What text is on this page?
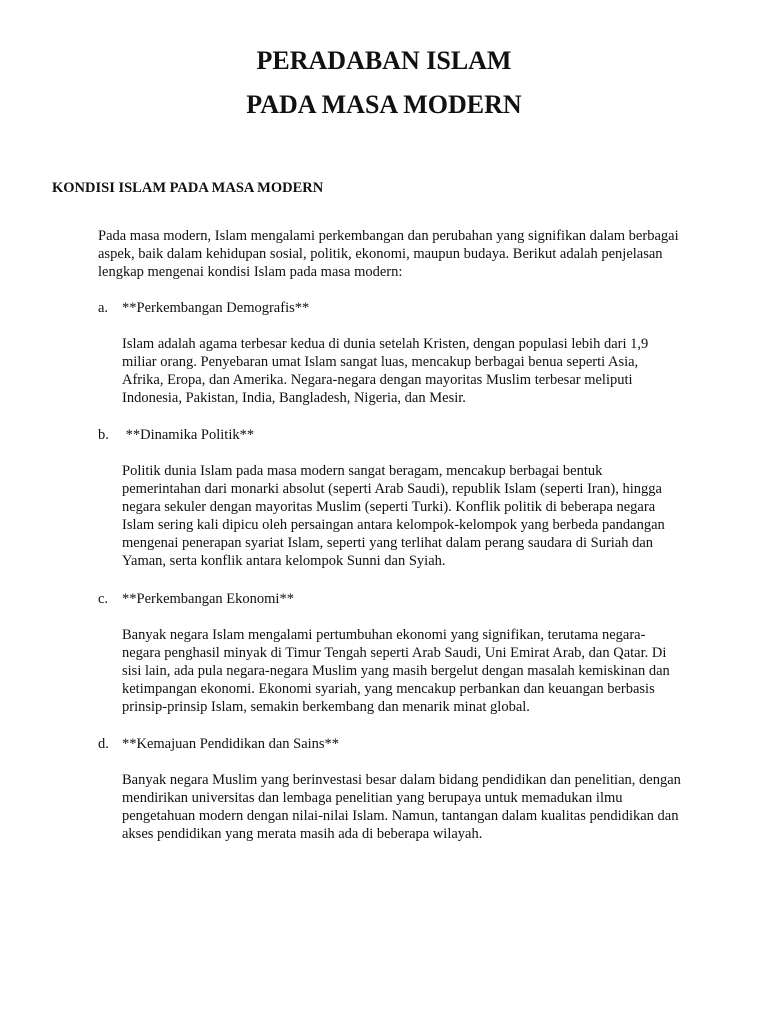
PERADABAN ISLAM
PADA MASA MODERN
KONDISI ISLAM PADA MASA MODERN

Pada masa modern, Islam mengalami perkembangan dan perubahan yang signifikan dalam berbagai
aspek, baik dalam kehidupan sosial, politik, ekonomi, maupun budaya. Berikut adalah penjelasan
lengkap mengenai kondisi Islam pada masa modern:

a. **Perkembangan Demografis**

Islam adalah agama terbesar kedua di dunia setelah Kristen, dengan populasi lebih dari 1,9
miliar orang. Penyebaran umat Islam sangat luas, mencakup berbagai benua seperti Asia,
Afrika, Eropa, dan Amerika. Negara-negara dengan mayoritas Muslim terbesar meliputi
Indonesia, Pakistan, India, Bangladesh, Nigeria, dan Mesir.

b. **Dinamika Politik**

Politik dunia Islam pada masa modern sangat beragam, mencakup berbagai bentuk
pemerintahan dari monarki absolut (seperti Arab Saudi), republik Islam (seperti Iran), hingga
negara sekuler dengan mayoritas Muslim (seperti Turki). Konflik politik di beberapa negara
Islam sering kali dipicu oleh persaingan antara kelompok-kelompok yang berbeda pandangan
mengenai penerapan syariat Islam, seperti yang terlihat dalam perang saudara di Suriah dan
Yaman, serta konflik antara kelompok Sunni dan Syiah.

c. **Perkembangan Ekonomi**

Banyak negara Islam mengalami pertumbuhan ekonomi yang signifikan, terutama negara-
negara penghasil minyak di Timur Tengah seperti Arab Saudi, Uni Emirat Arab, dan Qatar. Di
sisi lain, ada pula negara-negara Muslim yang masih bergelut dengan masalah kemiskinan dan
ketimpangan ekonomi. Ekonomi syariah, yang mencakup perbankan dan keuangan berbasis
prinsip-prinsip Islam, semakin berkembang dan menarik minat global.

d. **Kemajuan Pendidikan dan Sains**

Banyak negara Muslim yang berinvestasi besar dalam bidang pendidikan dan penelitian, dengan
mendirikan universitas dan lembaga penelitian yang berupaya untuk memadukan ilmu
pengetahuan modern dengan nilai-nilai Islam. Namun, tantangan dalam kualitas pendidikan dan
akses pendidikan yang merata masih ada di beberapa wilayah.
